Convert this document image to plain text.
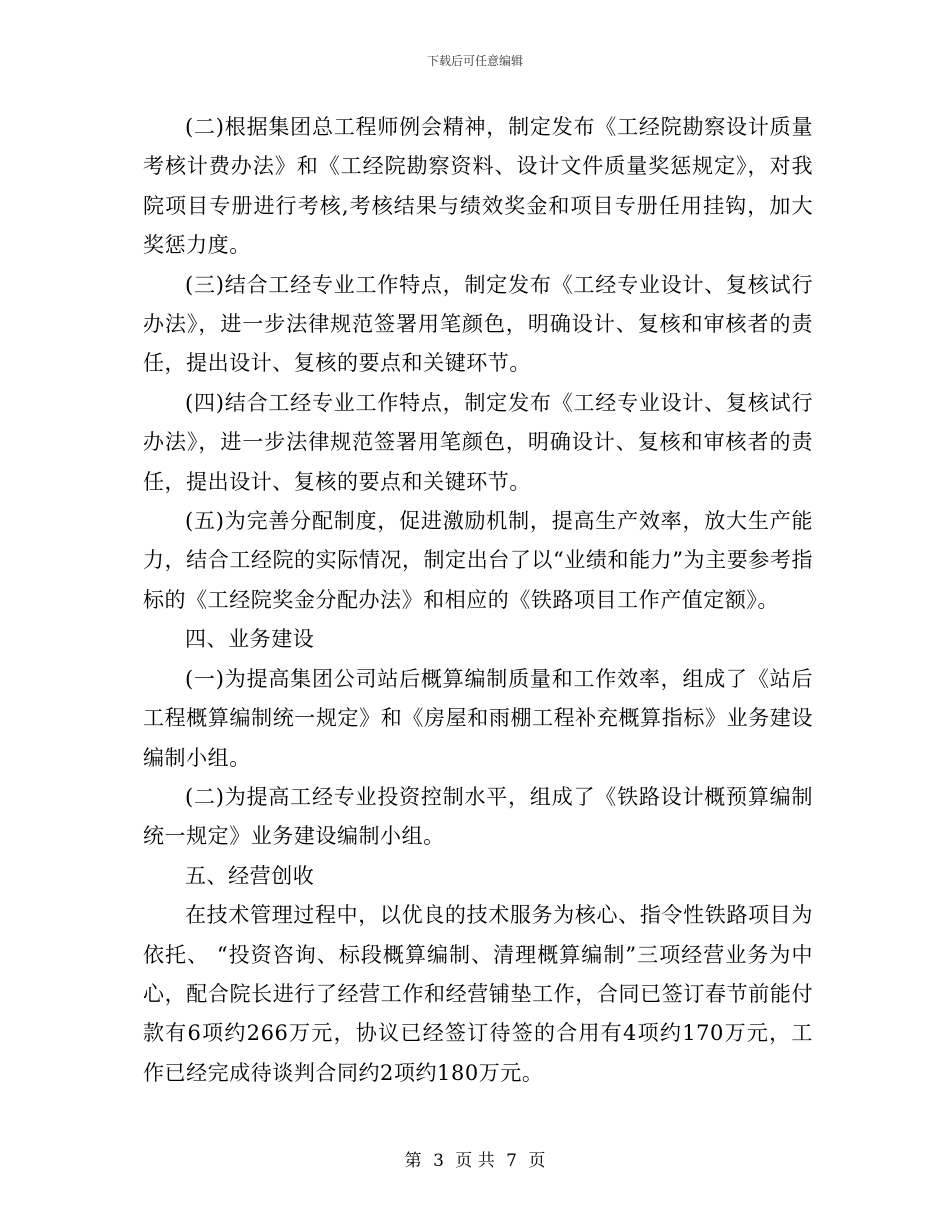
下载后可任意编辑

(二)根据集团总工程师例会精神，制定发布《工经院勘察设计质量考核计费办法》和《工经院勘察资料、设计文件质量奖惩规定》，对我院项目专册进行考核,考核结果与绩效奖金和项目专册任用挂钩，加大奖惩力度。

(三)结合工经专业工作特点，制定发布《工经专业设计、复核试行办法》，进一步法律规范签署用笔颜色，明确设计、复核和审核者的责任，提出设计、复核的要点和关键环节。

(四)结合工经专业工作特点，制定发布《工经专业设计、复核试行办法》，进一步法律规范签署用笔颜色，明确设计、复核和审核者的责任，提出设计、复核的要点和关键环节。

(五)为完善分配制度，促进激励机制，提高生产效率，放大生产能力，结合工经院的实际情况，制定出台了以“业绩和能力”为主要参考指标的《工经院奖金分配办法》和相应的《铁路项目工作产值定额》。

四、业务建设

(一)为提高集团公司站后概算编制质量和工作效率，组成了《站后工程概算编制统一规定》和《房屋和雨棚工程补充概算指标》业务建设编制小组。

(二)为提高工经专业投资控制水平，组成了《铁路设计概预算编制统一规定》业务建设编制小组。

五、经营创收

在技术管理过程中，以优良的技术服务为核心、指令性铁路项目为依托、 “投资咨询、标段概算编制、清理概算编制”三项经营业务为中心，配合院长进行了经营工作和经营铺垫工作，合同已签订春节前能付款有6项约266万元，协议已经签订待签的合用有4项约170万元，工作已经完成待谈判合同约2项约180万元。

第 3 页 共 7 页
